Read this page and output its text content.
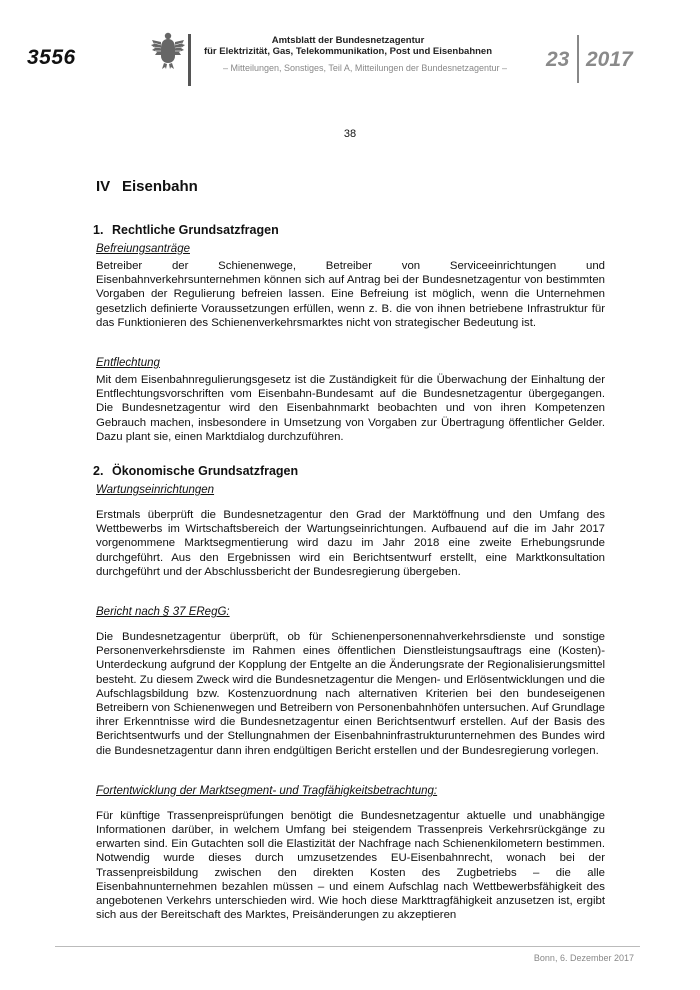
3556
Amtsblatt der Bundesnetzagentur
für Elektrizität, Gas, Telekommunikation, Post und Eisenbahnen
– Mitteilungen, Sonstiges, Teil A, Mitteilungen der Bundesnetzagentur –	23 2017
38
IV Eisenbahn
1. Rechtliche Grundsatzfragen
Befreiungsanträge

Betreiber der Schienenwege, Betreiber von Serviceeinrichtungen und Eisenbahnverkehrsunternehmen können sich auf Antrag bei der Bundesnetzagentur von bestimmten Vorgaben der Regulierung befreien lassen. Eine Befreiung ist möglich, wenn die Unternehmen gesetzlich definierte Voraussetzungen erfüllen, wenn z. B. die von ihnen betriebene Infrastruktur für das Funktionieren des Schienenverkehrsmarktes nicht von strategischer Bedeutung ist.

Entflechtung

Mit dem Eisenbahnregulierungsgesetz ist die Zuständigkeit für die Überwachung der Einhaltung der Entflechtungsvorschriften vom Eisenbahn-Bundesamt auf die Bundesnetzagentur übergegangen. Die Bundesnetzagentur wird den Eisenbahnmarkt beobachten und von ihren Kompetenzen Gebrauch machen, insbesondere in Umsetzung von Vorgaben zur Übertragung öffentlicher Gelder. Dazu plant sie, einen Marktdialog durchzuführen.

2. Ökonomische Grundsatzfragen
Wartungseinrichtungen

Erstmals überprüft die Bundesnetzagentur den Grad der Marktöffnung und den Umfang des Wettbewerbs im Wirtschaftsbereich der Wartungseinrichtungen. Aufbauend auf die im Jahr 2017 vorgenommene Marktsegmentierung wird dazu im Jahr 2018 eine zweite Erhebungsrunde durchgeführt. Aus den Ergebnissen wird ein Berichtsentwurf erstellt, eine Marktkonsultation durchgeführt und der Abschlussbericht der Bundesregierung übergeben.

Bericht nach § 37 ERegG:

Die Bundesnetzagentur überprüft, ob für Schienenpersonennahverkehrsdienste und sonstige Personenverkehrsdienste im Rahmen eines öffentlichen Dienstleistungsauftrags eine (Kosten)-Unterdeckung aufgrund der Kopplung der Entgelte an die Änderungsrate der Regionalisierungsmittel besteht. Zu diesem Zweck wird die Bundesnetzagentur die Mengen- und Erlösentwicklungen und die Aufschlagsbildung bzw. Kostenzuordnung nach alternativen Kriterien bei den bundeseigenen Betreibern von Schienenwegen und Betreibern von Personenbahnhöfen untersuchen. Auf Grundlage ihrer Erkenntnisse wird die Bundesnetzagentur einen Berichtsentwurf erstellen. Auf der Basis des Berichtsentwurfs und der Stellungnahmen der Eisenbahninfrastrukturunternehmen des Bundes wird die Bundesnetzagentur dann ihren endgültigen Bericht erstellen und der Bundesregierung vorlegen.

Fortentwicklung der Marktsegment- und Tragfähigkeitsbetrachtung:

Für künftige Trassenpreisprüfungen benötigt die Bundesnetzagentur aktuelle und unabhängige Informationen darüber, in welchem Umfang bei steigendem Trassenpreis Verkehrsrückgänge zu erwarten sind. Ein Gutachten soll die Elastizität der Nachfrage nach Schienenkilometern bestimmen. Notwendig wurde dieses durch umzusetzendes EU-Eisenbahnrecht, wonach bei der Trassenpreisbildung zwischen den direkten Kosten des Zugbetriebs – die alle Eisenbahnunternehmen bezahlen müssen – und einem Aufschlag nach Wettbewerbsfähigkeit des angebotenen Verkehrs unterschieden wird. Wie hoch diese Markttragfähigkeit anzusetzen ist, ergibt sich aus der Bereitschaft des Marktes, Preisänderungen zu akzeptieren

Bonn, 6. Dezember 2017
